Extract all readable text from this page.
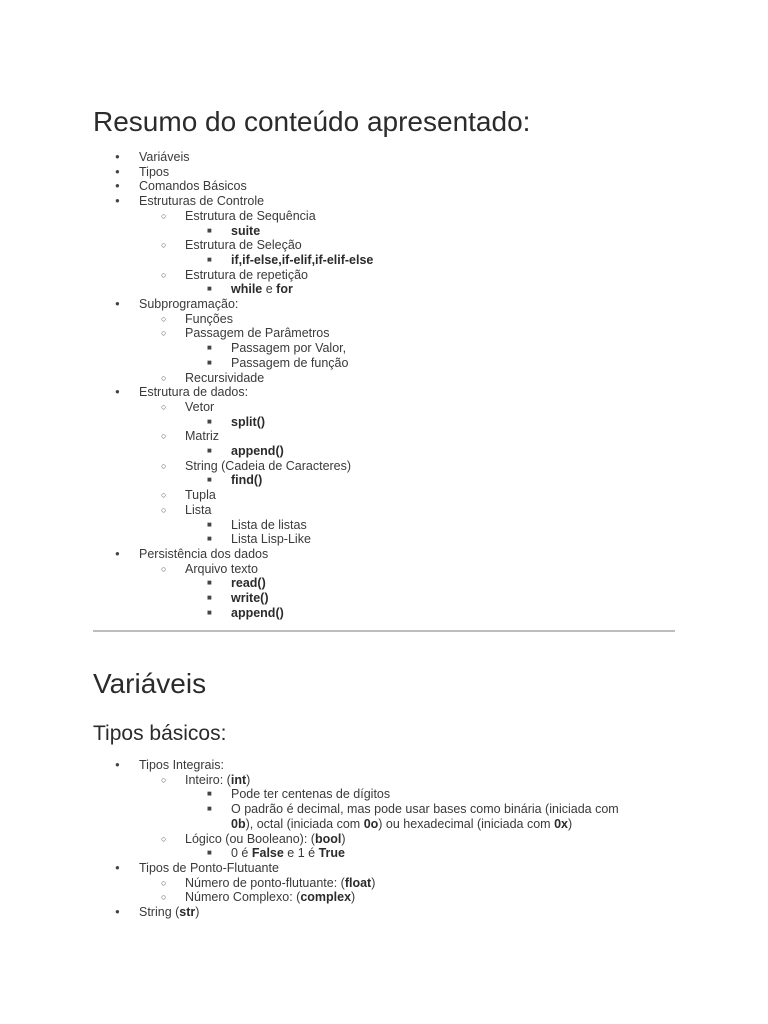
Resumo do conteúdo apresentado:
● Variáveis
● Tipos
● Comandos Básicos
● Estruturas de Controle
○ Estrutura de Sequência
■ suite
○ Estrutura de Seleção
■ if,if-else,if-elif,if-elif-else
○ Estrutura de repetição
■ while e for
● Subprogramação:
○ Funções
○ Passagem de Parâmetros
■ Passagem por Valor,
■ Passagem de função
○ Recursividade
● Estrutura de dados:
○ Vetor
■ split()
○ Matriz
■ append()
○ String (Cadeia de Caracteres)
■ find()
○ Tupla
○ Lista
■ Lista de listas
■ Lista Lisp-Like
● Persistência dos dados
○ Arquivo texto
■ read()
■ write()
■ append()
Variáveis
Tipos básicos:
● Tipos Integrais:
○ Inteiro: (int)
■ Pode ter centenas de dígitos
■ O padrão é decimal, mas pode usar bases como binária (iniciada com
0b), octal (iniciada com 0o) ou hexadecimal (iniciada com 0x)
○ Lógico (ou Booleano): (bool)
■ 0 é False e 1 é True
● Tipos de Ponto-Flutuante
○ Número de ponto-flutuante: (float)
○ Número Complexo: (complex)
● String (str)
